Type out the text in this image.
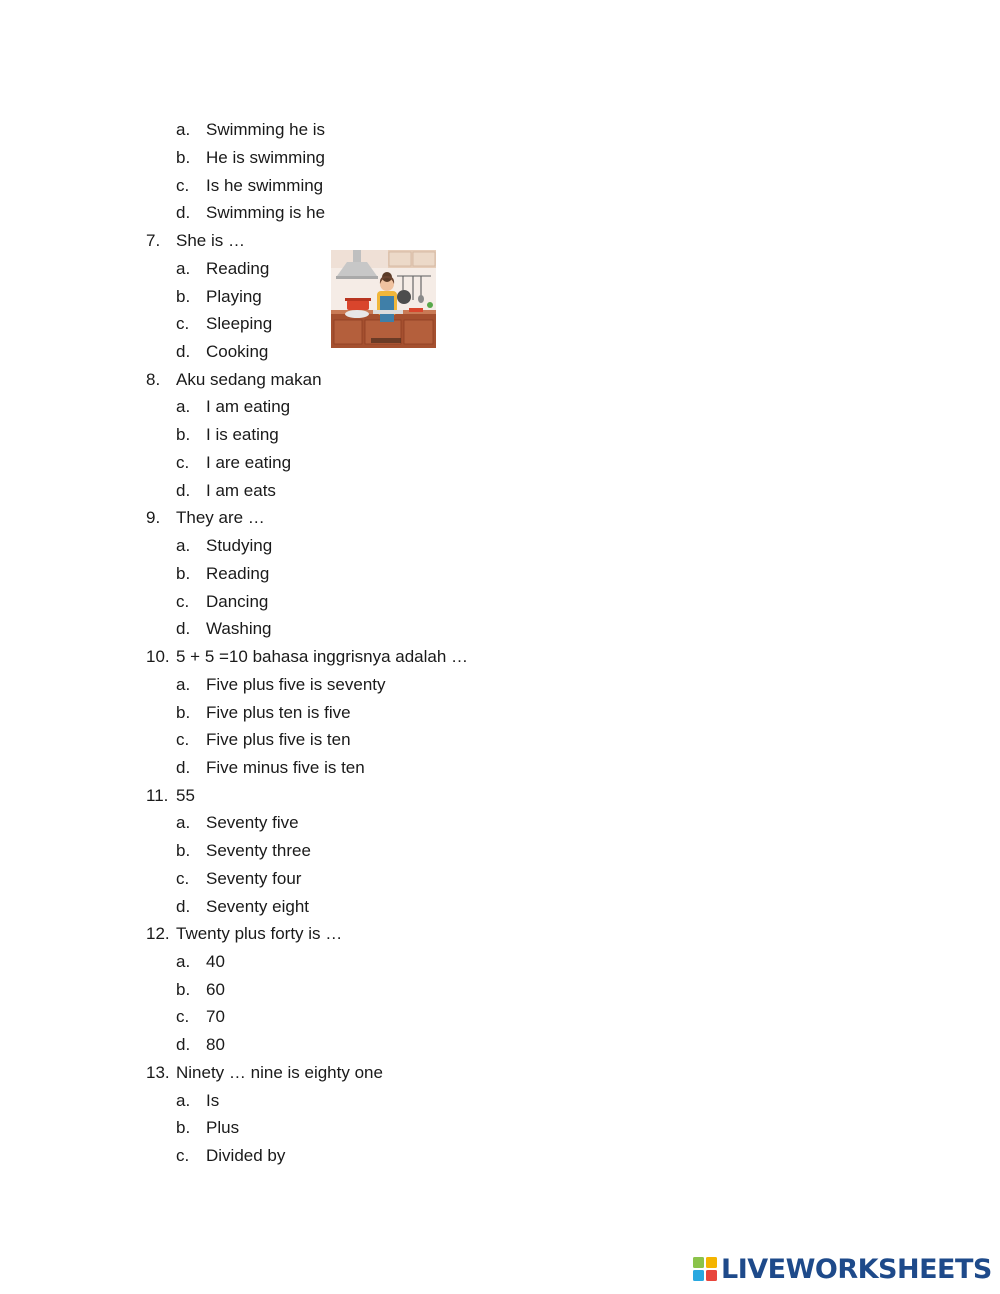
a. Swimming he is
b. He is swimming
c. Is he swimming
d. Swimming is he
7. She is …
a. Reading
b. Playing
c. Sleeping
d. Cooking
8. Aku sedang makan
a. I am eating
b. I is eating
c. I are eating
d. I am eats
9. They are …
a. Studying
b. Reading
c. Dancing
d. Washing
10. 5 + 5 =10 bahasa inggrisnya adalah …
a. Five plus five is seventy
b. Five plus ten is five
c. Five plus five is ten
d. Five minus five is ten
11. 55
a. Seventy five
b. Seventy three
c. Seventy four
d. Seventy eight
12. Twenty plus forty is …
a. 40
b. 60
c. 70
d. 80
13. Ninety … nine is eighty one
a. Is
b. Plus
c. Divided by
LIVEWORKSHEETS
